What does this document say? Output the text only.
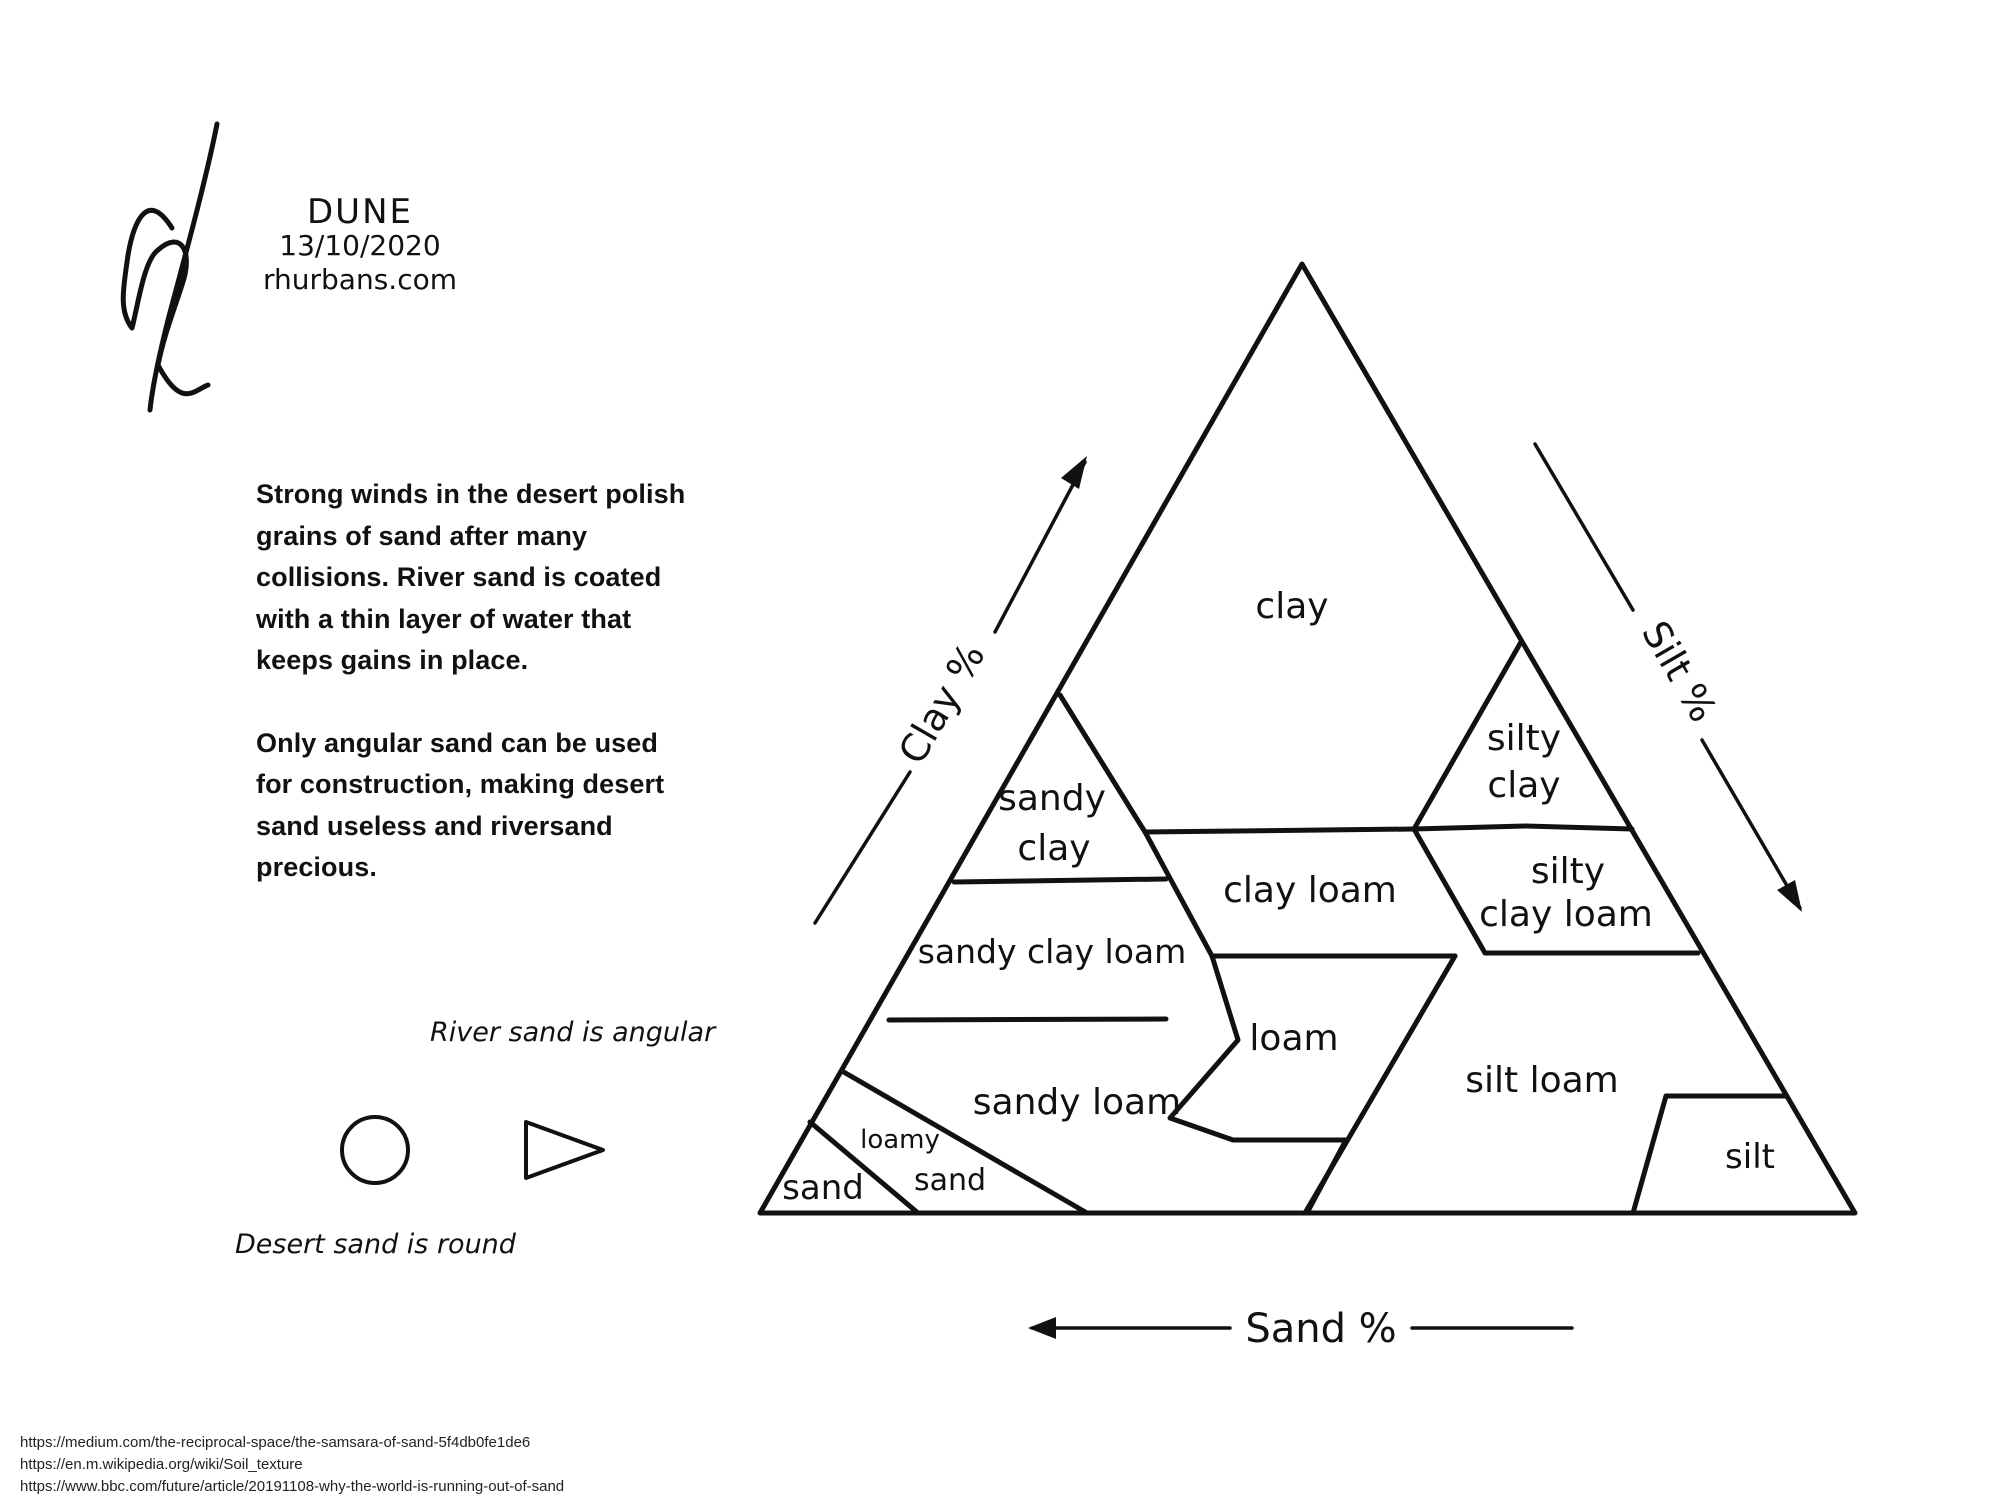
DUNE
13/10/2020
rhurbans.com

Strong winds in the desert polish grains of sand after many collisions. River sand is coated with a thin layer of water that keeps gains in place.

Only angular sand can be used for construction, making desert sand useless and riversand precious.

River sand is angular
Desert sand is round
clay
sandy
clay
silty
clay
clay loam	silty
clay loam
sandy clay loam
loam
sandy loam
silt loam
loamy
sand
sand
silt
Clay %	Silt %
Sand %
https://medium.com/the-reciprocal-space/the-samsara-of-sand-5f4db0fe1de6
https://en.m.wikipedia.org/wiki/Soil_texture
https://www.bbc.com/future/article/20191108-why-the-world-is-running-out-of-sand
